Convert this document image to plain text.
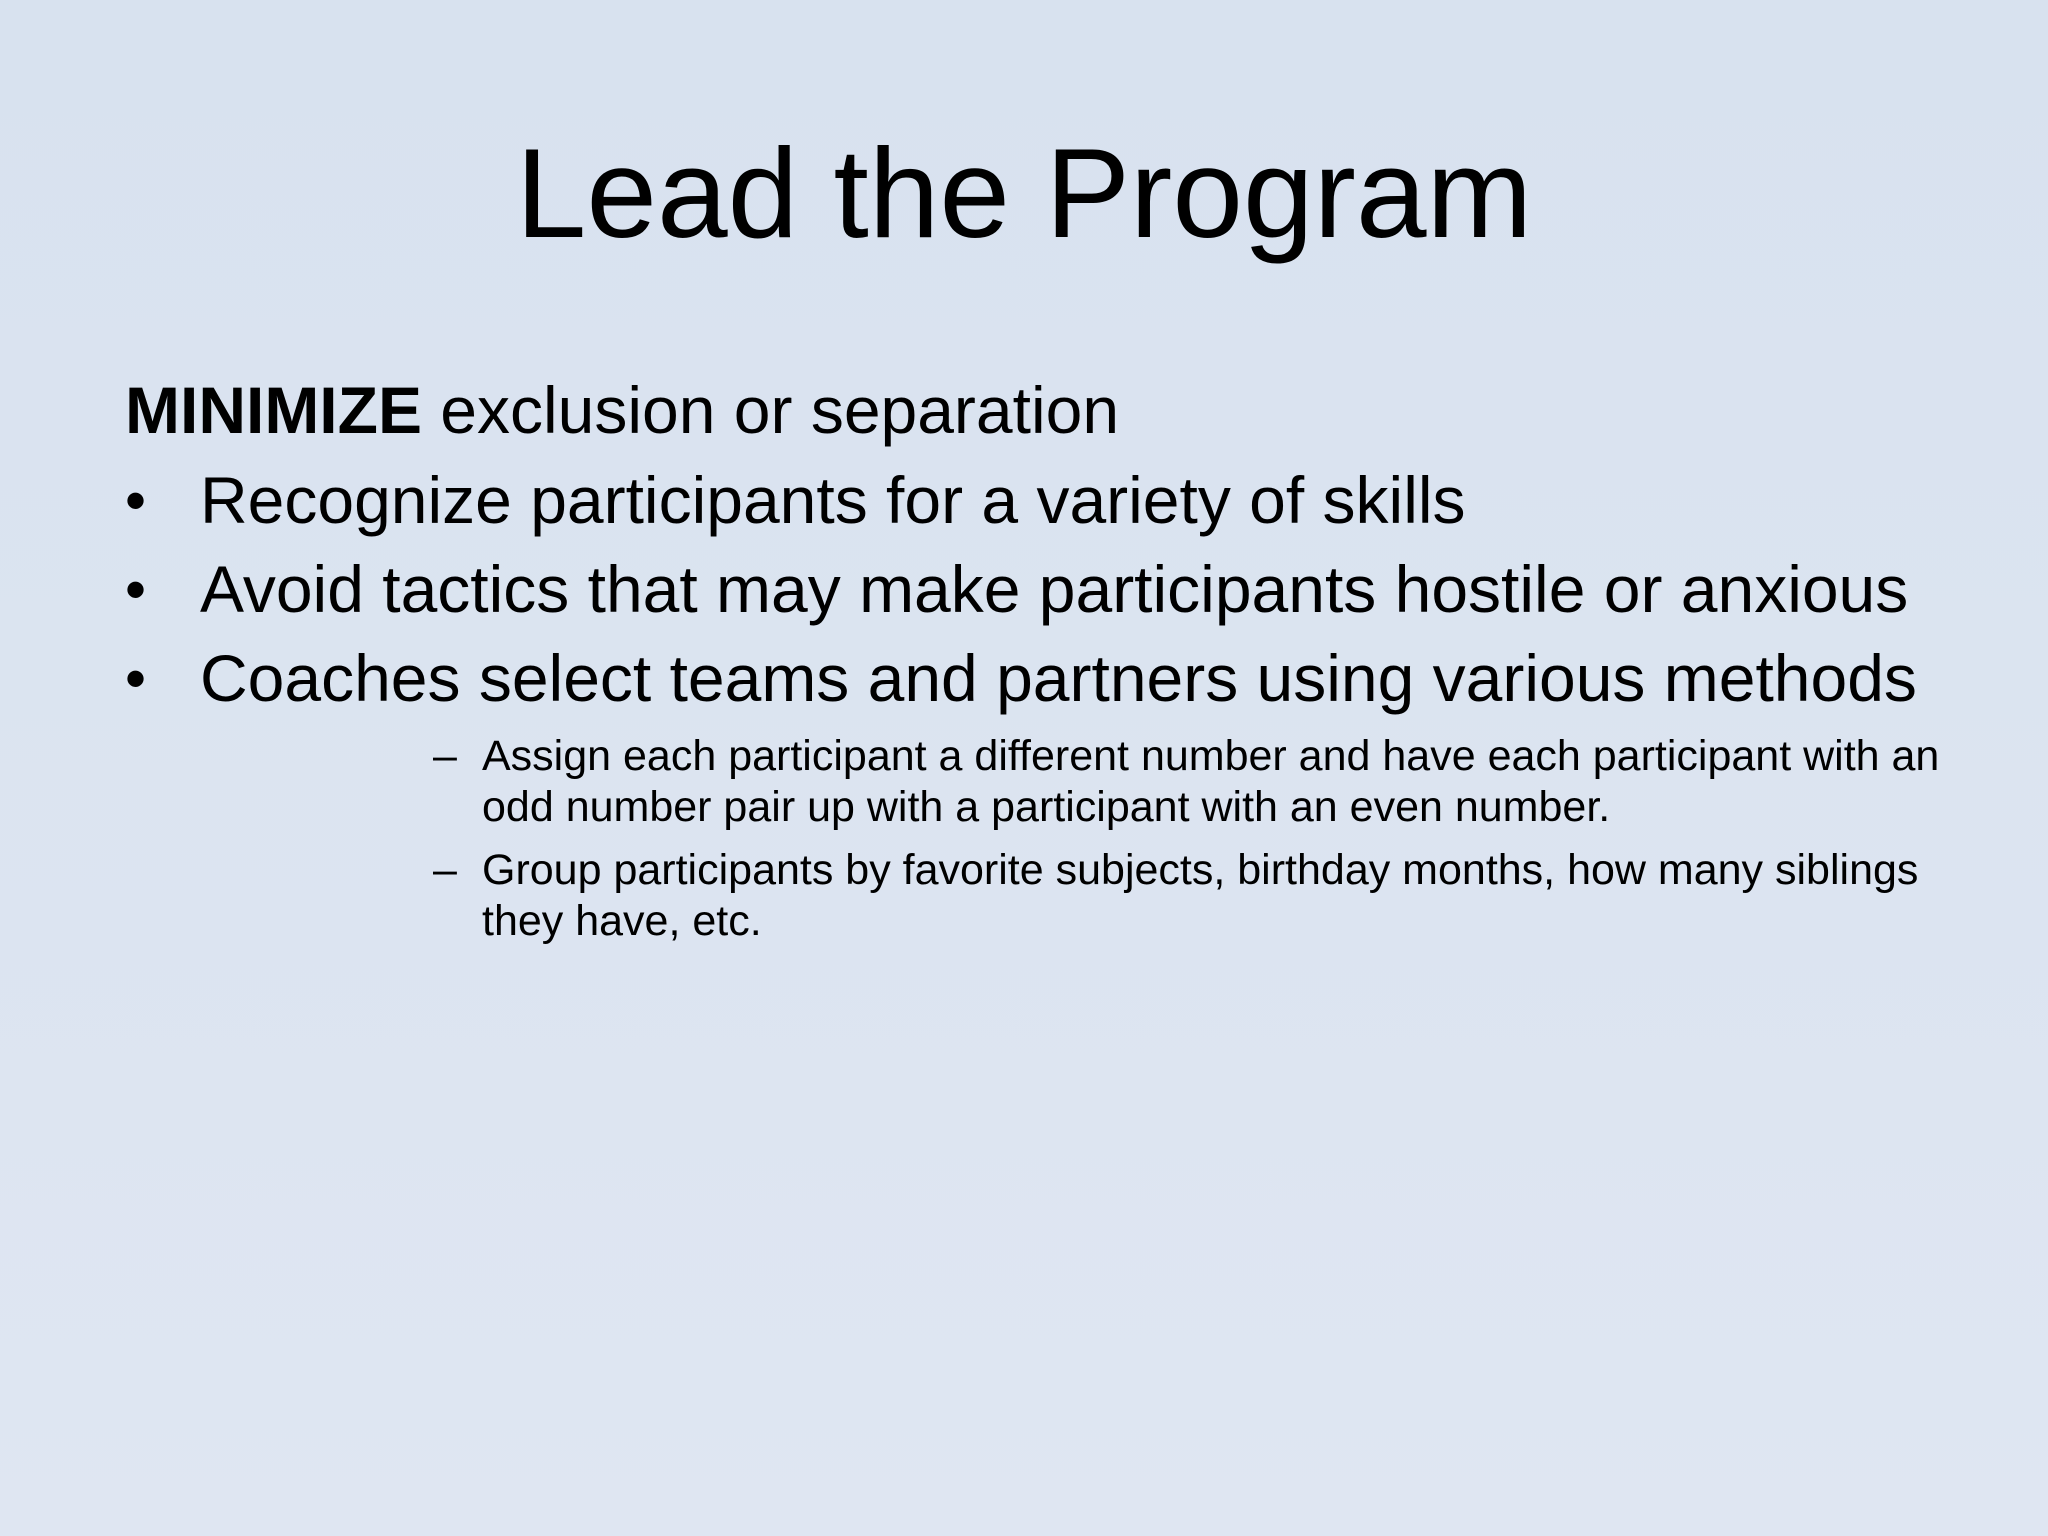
Lead the Program

MINIMIZE exclusion or separation

• Recognize participants for a variety of skills
• Avoid tactics that may make participants hostile or anxious
• Coaches select teams and partners using various methods
– Assign each participant a different number and have each participant with an odd number pair up with a participant with an even number.
– Group participants by favorite subjects, birthday months, how many siblings they have, etc.
